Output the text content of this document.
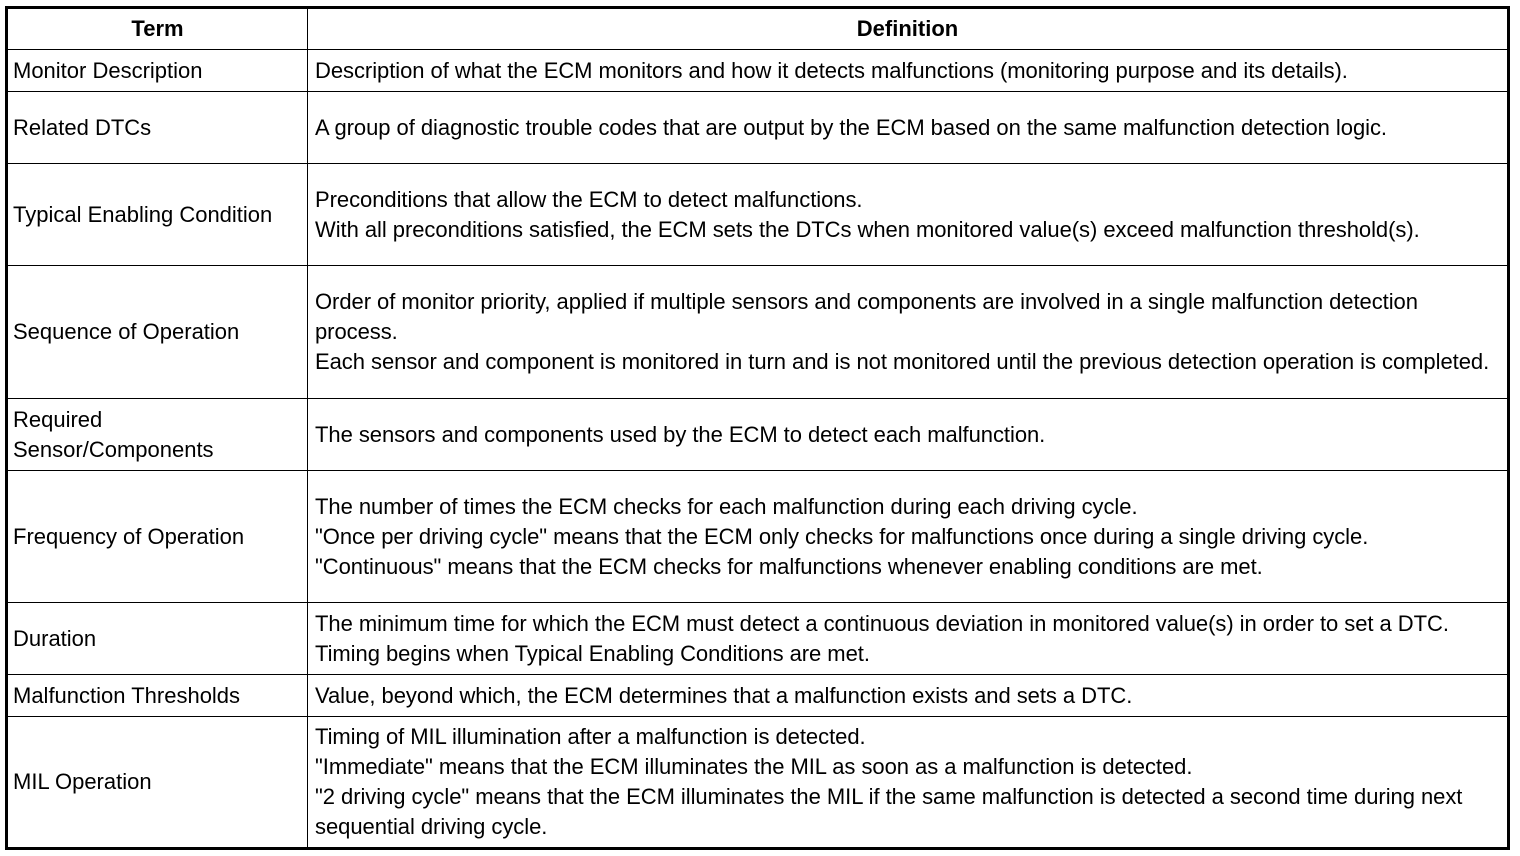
Term	Definition
Monitor Description	Description of what the ECM monitors and how it detects malfunctions (monitoring purpose and its details).

Related DTCs	A group of diagnostic trouble codes that are output by the ECM based on the same malfunction detection logic.

Typical Enabling Condition	Preconditions that allow the ECM to detect malfunctions.
With all preconditions satisfied, the ECM sets the DTCs when monitored value(s) exceed malfunction threshold(s).

Sequence of Operation	Order of monitor priority, applied if multiple sensors and components are involved in a single malfunction detection process.
Each sensor and component is monitored in turn and is not monitored until the previous detection operation is completed.

Required Sensor/Components	The sensors and components used by the ECM to detect each malfunction.

Frequency of Operation	The number of times the ECM checks for each malfunction during each driving cycle.
"Once per driving cycle" means that the ECM only checks for malfunctions once during a single driving cycle.
"Continuous" means that the ECM checks for malfunctions whenever enabling conditions are met.

Duration	The minimum time for which the ECM must detect a continuous deviation in monitored value(s) in order to set a DTC. Timing begins when Typical Enabling Conditions are met.

Malfunction Thresholds	Value, beyond which, the ECM determines that a malfunction exists and sets a DTC.

MIL Operation	Timing of MIL illumination after a malfunction is detected.
"Immediate" means that the ECM illuminates the MIL as soon as a malfunction is detected.
"2 driving cycle" means that the ECM illuminates the MIL if the same malfunction is detected a second time during next sequential driving cycle.
